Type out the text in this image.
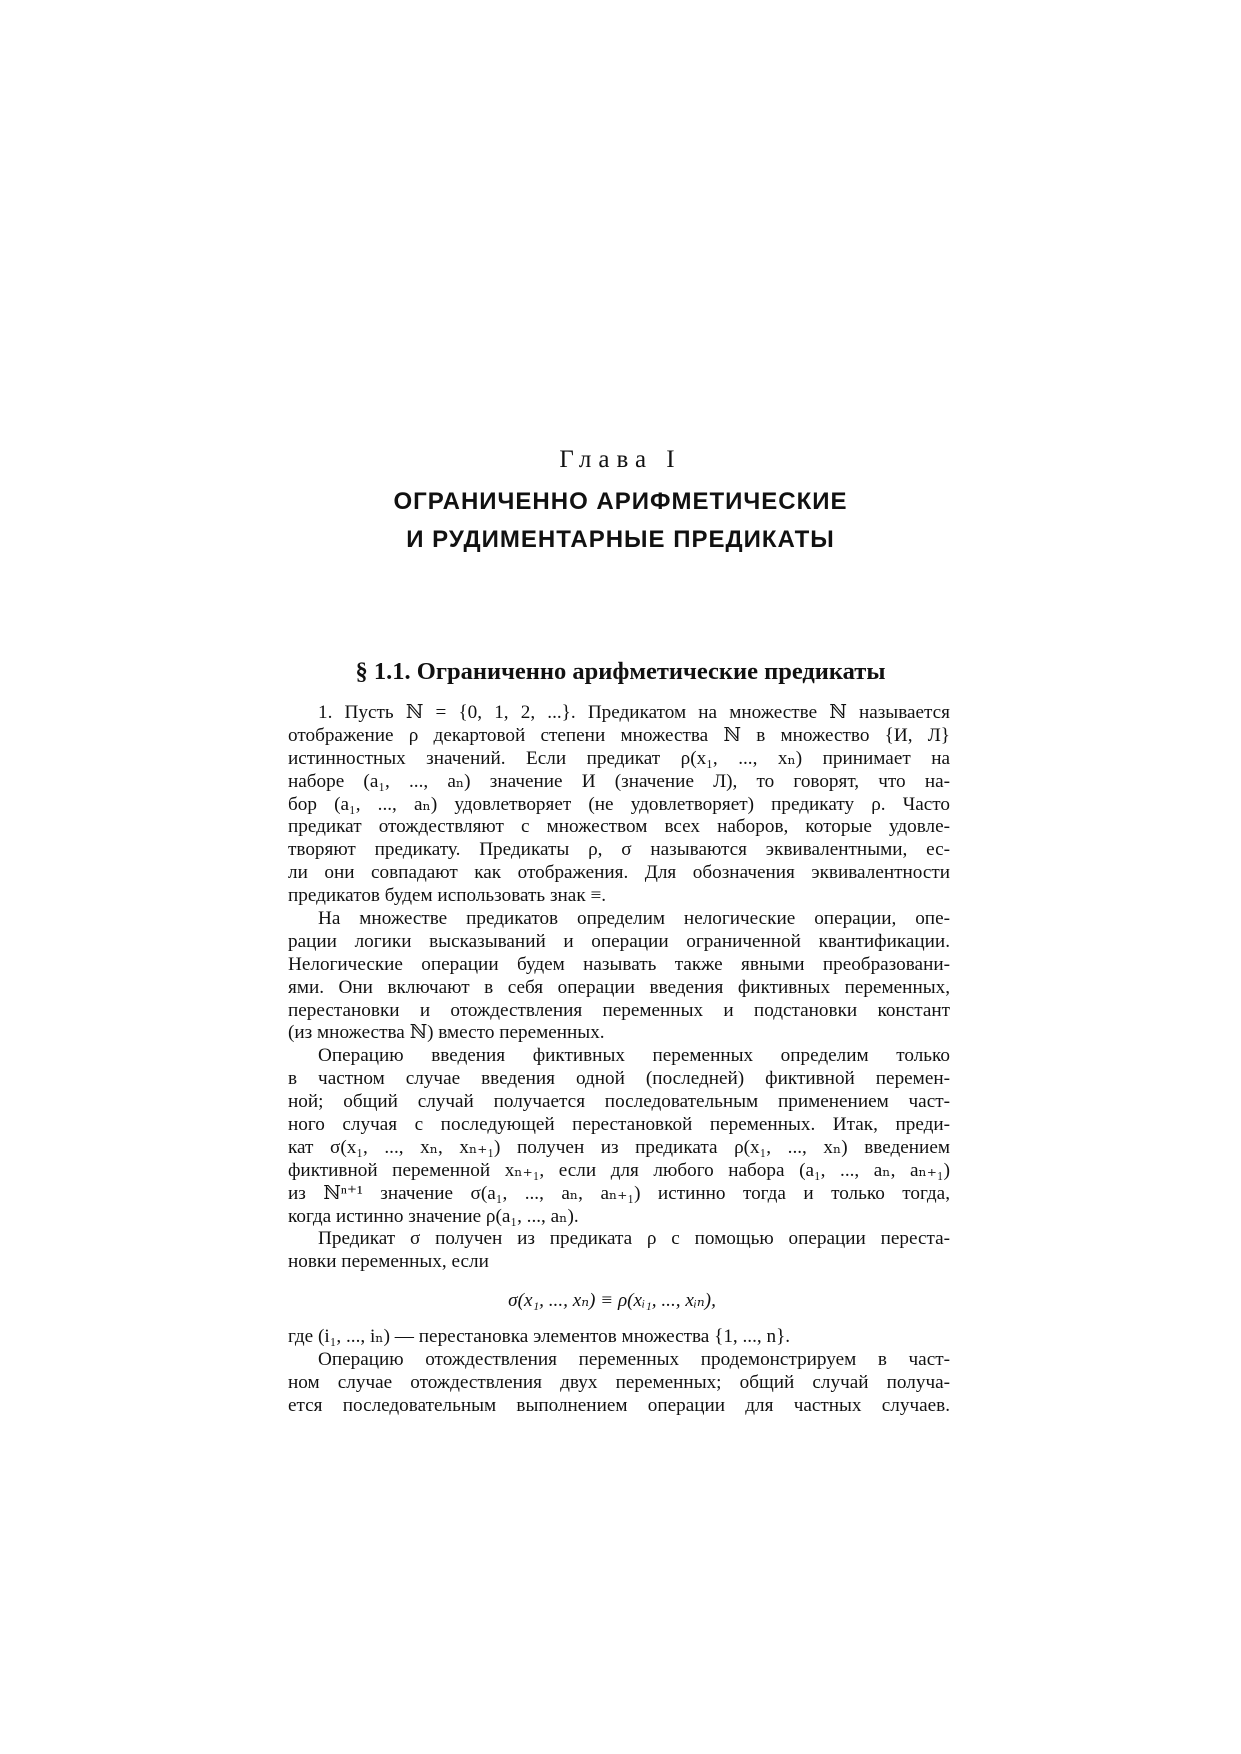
Глава I
ОГРАНИЧЕННО АРИФМЕТИЧЕСКИЕ
И РУДИМЕНТАРНЫЕ ПРЕДИКАТЫ
§ 1.1. Ограниченно арифметические предикаты
1. Пусть ℕ = {0, 1, 2, ...}. Предикатом на множестве ℕ называется
отображение ρ декартовой степени множества ℕ в множество {И, Л}
истинностных значений. Если предикат ρ(x₁, ..., xₙ) принимает на
наборе (a₁, ..., aₙ) значение И (значение Л), то говорят, что на-
бор (a₁, ..., aₙ) удовлетворяет (не удовлетворяет) предикату ρ. Часто
предикат отождествляют с множеством всех наборов, которые удовле-
творяют предикату. Предикаты ρ, σ называются эквивалентными, ес-
ли они совпадают как отображения. Для обозначения эквивалентности
предикатов будем использовать знак ≡.
На множестве предикатов определим нелогические операции, опе-
рации логики высказываний и операции ограниченной квантификации.
Нелогические операции будем называть также явными преобразовани-
ями. Они включают в себя операции введения фиктивных переменных,
перестановки и отождествления переменных и подстановки констант
(из множества ℕ) вместо переменных.
Операцию введения фиктивных переменных определим только
в частном случае введения одной (последней) фиктивной перемен-
ной; общий случай получается последовательным применением част-
ного случая с последующей перестановкой переменных. Итак, преди-
кат σ(x₁, ..., xₙ, xₙ₊₁) получен из предиката ρ(x₁, ..., xₙ) введением
фиктивной переменной xₙ₊₁, если для любого набора (a₁, ..., aₙ, aₙ₊₁)
из ℕⁿ⁺¹ значение σ(a₁, ..., aₙ, aₙ₊₁) истинно тогда и только тогда,
когда истинно значение ρ(a₁, ..., aₙ).
Предикат σ получен из предиката ρ с помощью операции переста-
новки переменных, если
σ(x₁, ..., xₙ) ≡ ρ(xᵢ₁, ..., xᵢₙ),
где (i₁, ..., iₙ) — перестановка элементов множества {1, ..., n}.
Операцию отождествления переменных продемонстрируем в част-
ном случае отождествления двух переменных; общий случай получа-
ется последовательным выполнением операции для частных случаев.
